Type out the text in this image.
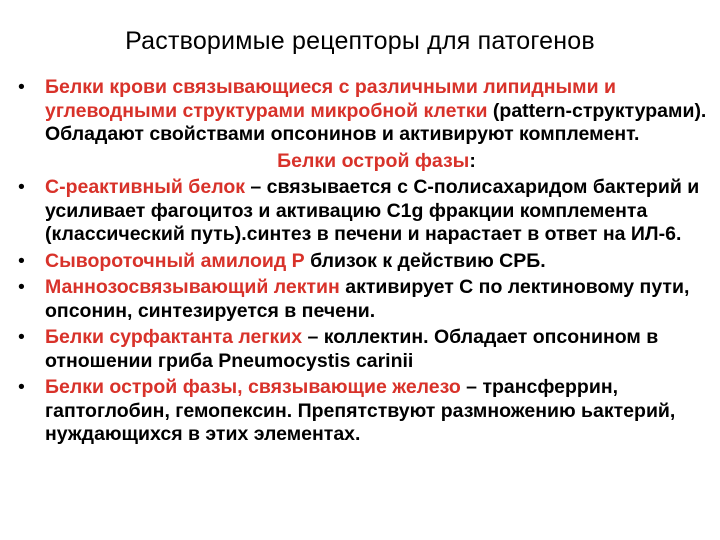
Растворимые рецепторы для патогенов
• Белки крови связывающиеся с различными липидными и углеводными структурами микробной клетки (pattern-структурами). Обладают свойствами опсонинов и активируют комплемент.
Белки острой фазы:
• С-реактивный белок – связывается с С-полисахаридом бактерий и усиливает фагоцитоз и активацию С1g фракции комплемента (классический путь).синтез в печени и нарастает в ответ на ИЛ-6.
• Сывороточный амилоид Р близок к действию СРБ.
• Маннозосвязывающий лектин активирует С по лектиновому пути, опсонин, синтезируется в печени.
• Белки сурфактанта легких – коллектин. Обладает опсонином в отношении гриба Pneumocystis carinii
• Белки острой фазы, связывающие железо – трансферрин, гаптоглобин, гемопексин. Препятствуют размножению ьактерий, нуждающихся в этих элементах.
